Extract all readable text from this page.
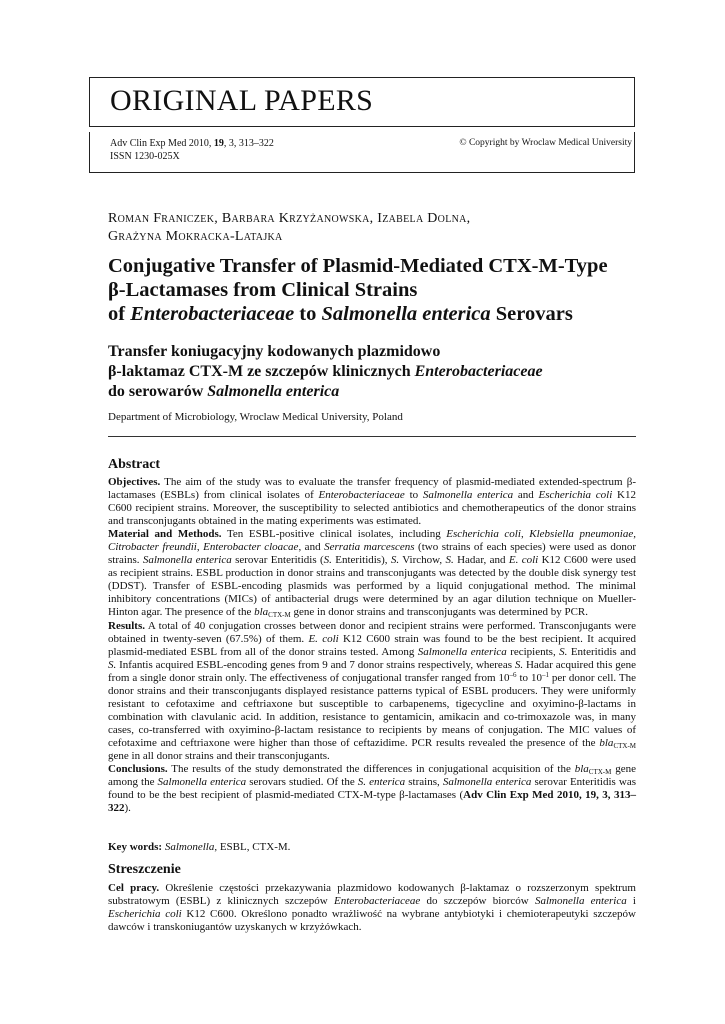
ORIGINAL PAPERS
Adv Clin Exp Med 2010, 19, 3, 313–322
ISSN 1230-025X
© Copyright by Wroclaw Medical University
Roman Franiczek, Barbara Krzyżanowska, Izabela Dolna,
Grażyna Mokracka-Latajka
Conjugative Transfer of Plasmid-Mediated CTX-M-Type
β-Lactamases from Clinical Strains
of Enterobacteriaceae to Salmonella enterica Serovars
Transfer koniugacyjny kodowanych plazmidowo
β-laktamaz CTX-M ze szczepów klinicznych Enterobacteriaceae
do serowarów Salmonella enterica
Department of Microbiology, Wroclaw Medical University, Poland
Abstract

Objectives. The aim of the study was to evaluate the transfer frequency of plasmid-mediated extended-spectrum β-lactamases (ESBLs) from clinical isolates of Enterobacteriaceae to Salmonella enterica and Escherichia coli K12 C600 recipient strains. Moreover, the susceptibility to selected antibiotics and chemotherapeutics of the donor strains and transconjugants obtained in the mating experiments was estimated.

Material and Methods. Ten ESBL-positive clinical isolates, including Escherichia coli, Klebsiella pneumoniae, Citrobacter freundii, Enterobacter cloacae, and Serratia marcescens (two strains of each species) were used as donor strains. Salmonella enterica serovar Enteritidis (S. Enteritidis), S. Virchow, S. Hadar, and E. coli K12 C600 were used as recipient strains. ESBL production in donor strains and transconjugants was detected by the double disk synergy test (DDST). Transfer of ESBL-encoding plasmids was performed by a liquid conjugational method. The minimal inhibitory concentrations (MICs) of antibacterial drugs were determined by an agar dilution technique on Mueller-Hinton agar. The presence of the bla$_{CTX-M}$ gene in donor strains and transconjugants was determined by PCR.

Results. A total of 40 conjugation crosses between donor and recipient strains were performed. Transconjugants were obtained in twenty-seven (67.5%) of them. E. coli K12 C600 strain was found to be the best recipient. It acquired plasmid-mediated ESBL from all of the donor strains tested. Among Salmonella enterica recipients, S. Enteritidis and S. Infantis acquired ESBL-encoding genes from 9 and 7 donor strains respectively, whereas S. Hadar acquired this gene from a single donor strain only. The effectiveness of conjugational transfer ranged from $10^{-6}$ to $10^{-1}$ per donor cell. The donor strains and their transconjugants displayed resistance patterns typical of ESBL producers. They were uniformly resistant to cefotaxime and ceftriaxone but susceptible to carbapenems, tigecycline and oxyimino-β-lactams in combination with clavulanic acid. In addition, resistance to gentamicin, amikacin and co-trimoxazole was, in many cases, co-transferred with oxyimino-β-lactam resistance to recipients by means of conjugation. The MIC values of cefotaxime and ceftriaxone were higher than those of ceftazidime. PCR results revealed the presence of the bla$_{CTX-M}$ gene in all donor strains and their transconjugants.

Conclusions. The results of the study demonstrated the differences in conjugational acquisition of the bla$_{CTX-M}$ gene among the Salmonella enterica serovars studied. Of the S. enterica strains, Salmonella enterica serovar Enteritidis was found to be the best recipient of plasmid-mediated CTX-M-type β-lactamases (Adv Clin Exp Med 2010, 19, 3, 313–322).

Key words: Salmonella, ESBL, CTX-M.
Streszczenie

Cel pracy. Określenie częstości przekazywania plazmidowo kodowanych β-laktamaz o rozszerzonym spektrum substratowym (ESBL) z klinicznych szczepów Enterobacteriaceae do szczepów biorców Salmonella enterica i Escherichia coli K12 C600. Określono ponadto wrażliwość na wybrane antybiotyki i chemioterapeutyki szczepów dawców i transkoniugantów uzyskanych w krzyżówkach.
